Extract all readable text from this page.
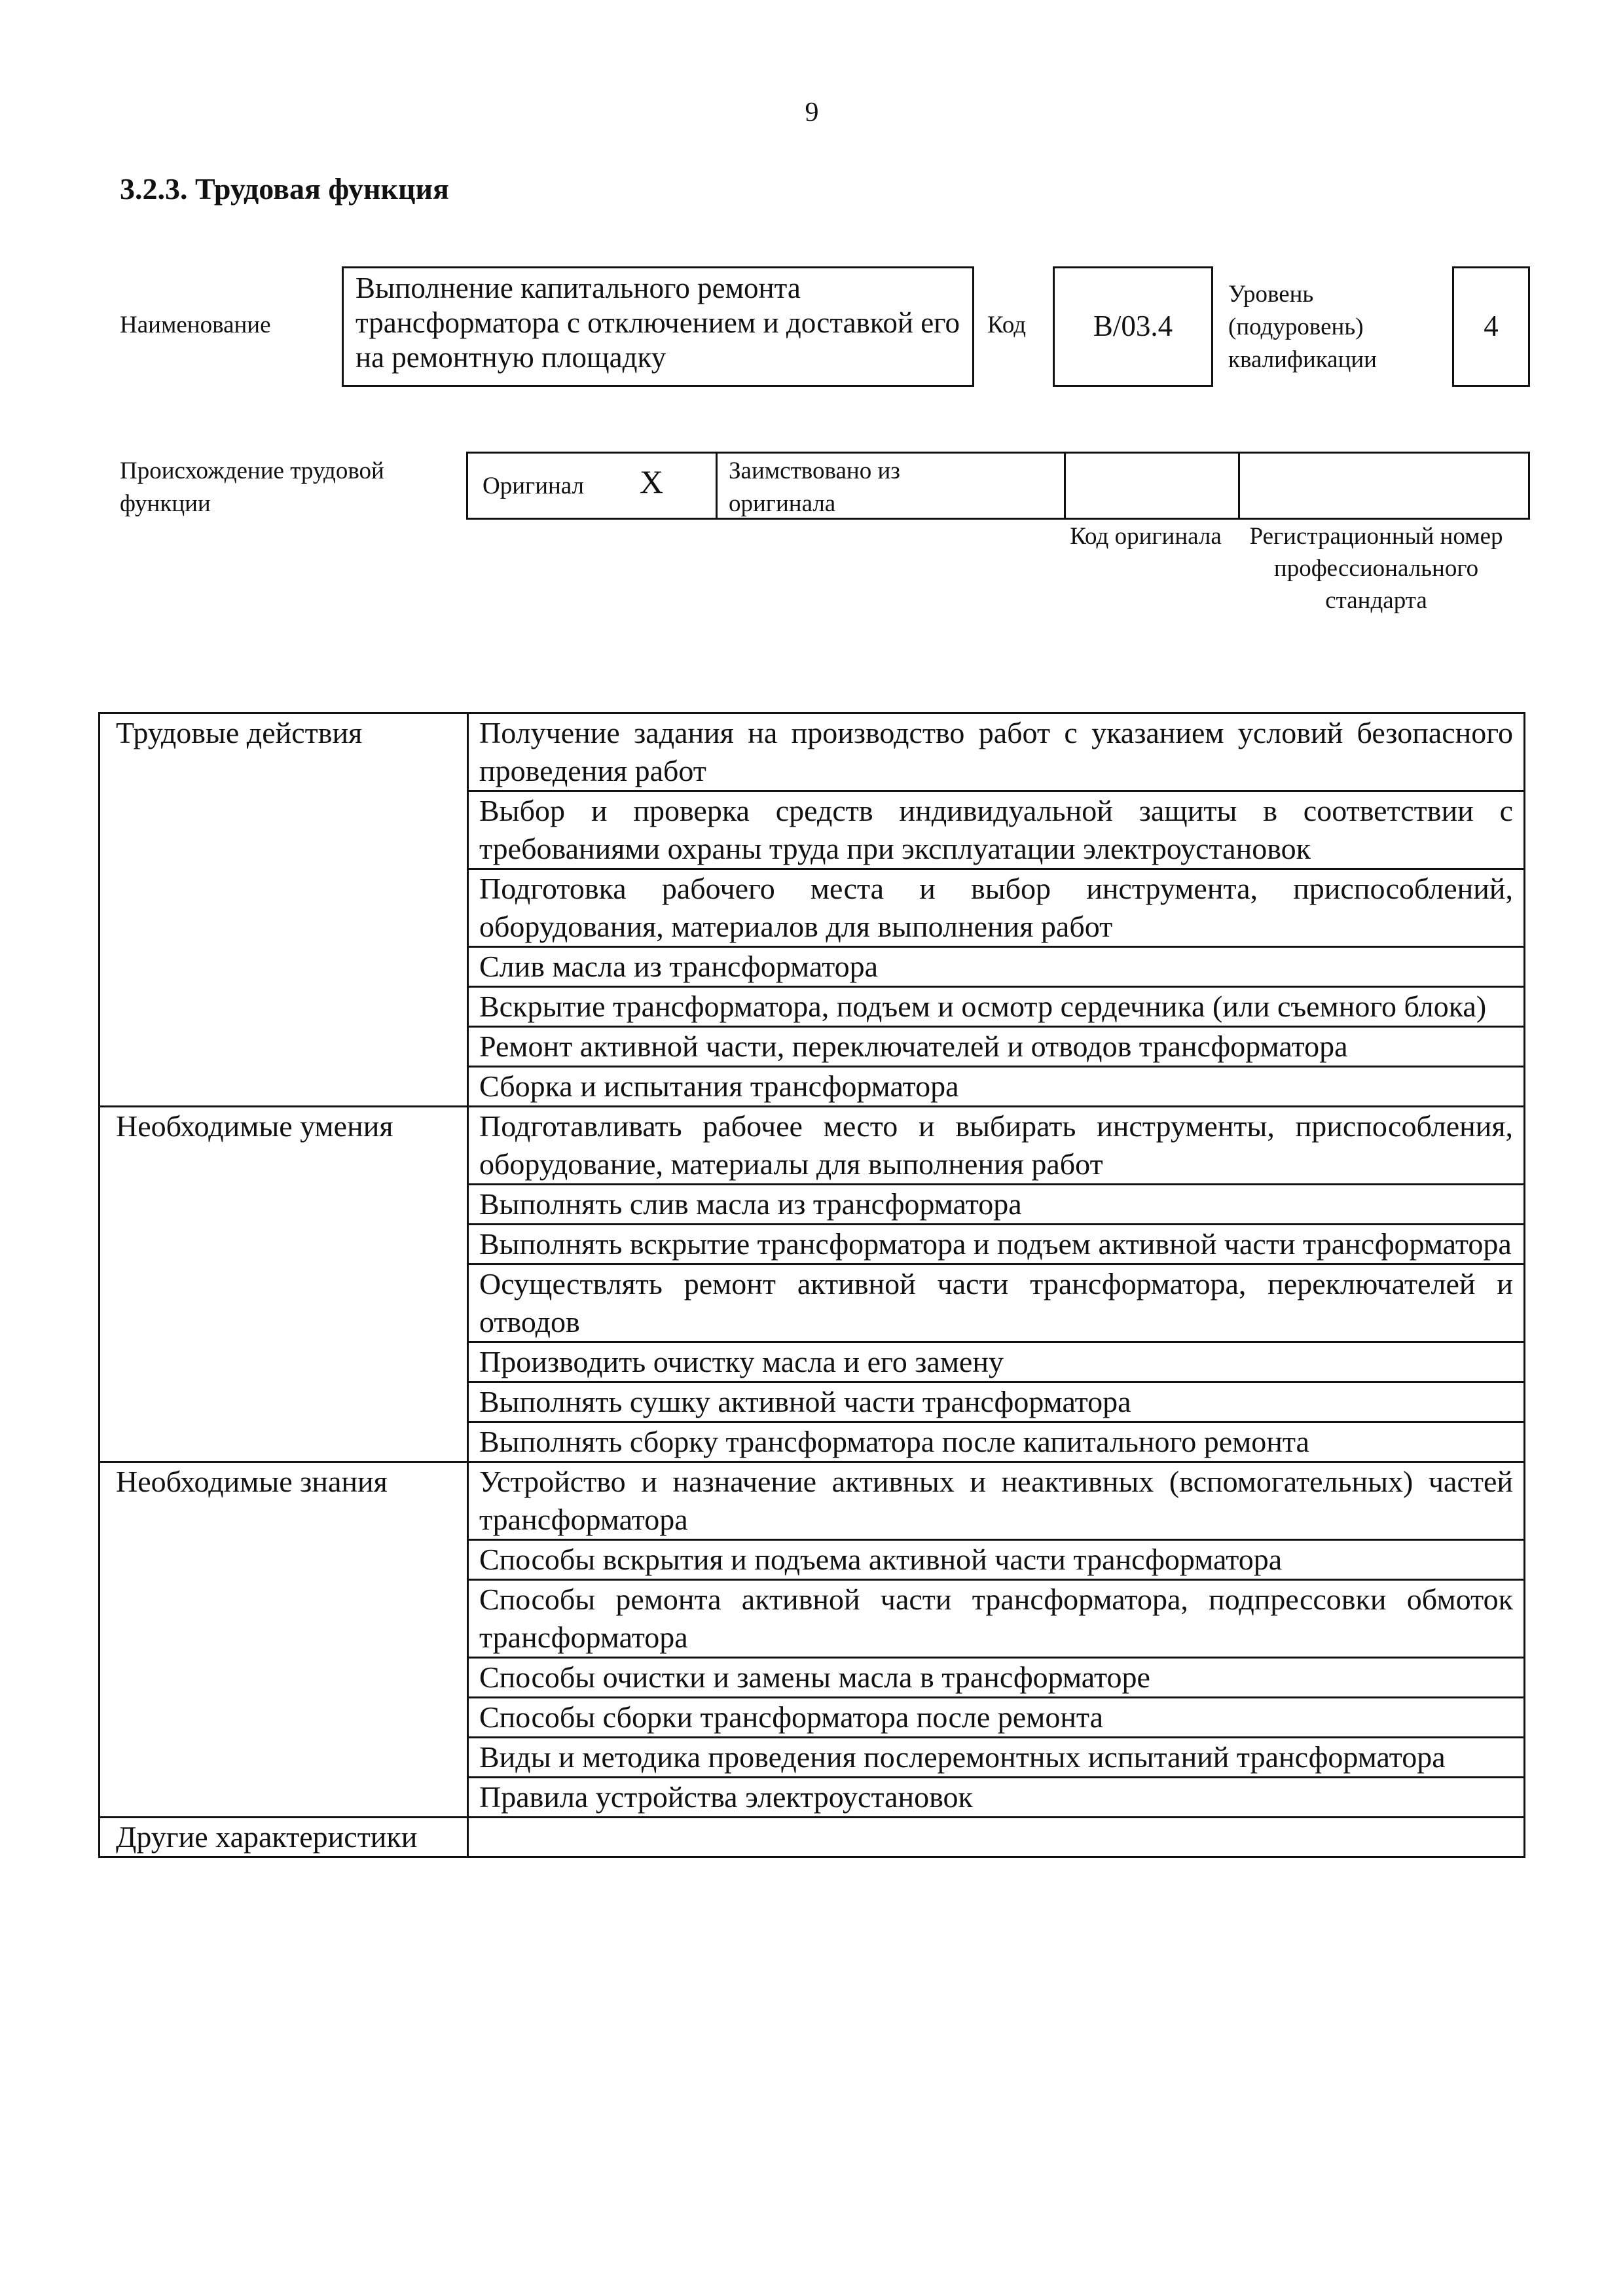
9
3.2.3. Трудовая функция
Наименование
Выполнение капитального ремонта трансформатора с отключением и доставкой его на ремонтную площадку
Код	B/03.4
Уровень (подуровень) квалификации
4
Происхождение трудовой функции
Оригинал X	Заимствовано из оригинала
Код оригинала	Регистрационный номер профессионального стандарта
Трудовые действия	Получение задания на производство работ с указанием условий безопасного проведения работ
	Выбор и проверка средств индивидуальной защиты в соответствии с требованиями охраны труда при эксплуатации электроустановок
	Подготовка рабочего места и выбор инструмента, приспособлений, оборудования, материалов для выполнения работ
	Слив масла из трансформатора
	Вскрытие трансформатора, подъем и осмотр сердечника (или съемного блока)
	Ремонт активной части, переключателей и отводов трансформатора
	Сборка и испытания трансформатора
Необходимые умения	Подготавливать рабочее место и выбирать инструменты, приспособления, оборудование, материалы для выполнения работ
	Выполнять слив масла из трансформатора
	Выполнять вскрытие трансформатора и подъем активной части трансформатора
	Осуществлять ремонт активной части трансформатора, переключателей и отводов
	Производить очистку масла и его замену
	Выполнять сушку активной части трансформатора
	Выполнять сборку трансформатора после капитального ремонта
Необходимые знания	Устройство и назначение активных и неактивных (вспомогательных) частей трансформатора
	Способы вскрытия и подъема активной части трансформатора
	Способы ремонта активной части трансформатора, подпрессовки обмоток трансформатора
	Способы очистки и замены масла в трансформаторе
	Способы сборки трансформатора после ремонта
	Виды и методика проведения послеремонтных испытаний трансформатора
	Правила устройства электроустановок
Другие характеристики	
